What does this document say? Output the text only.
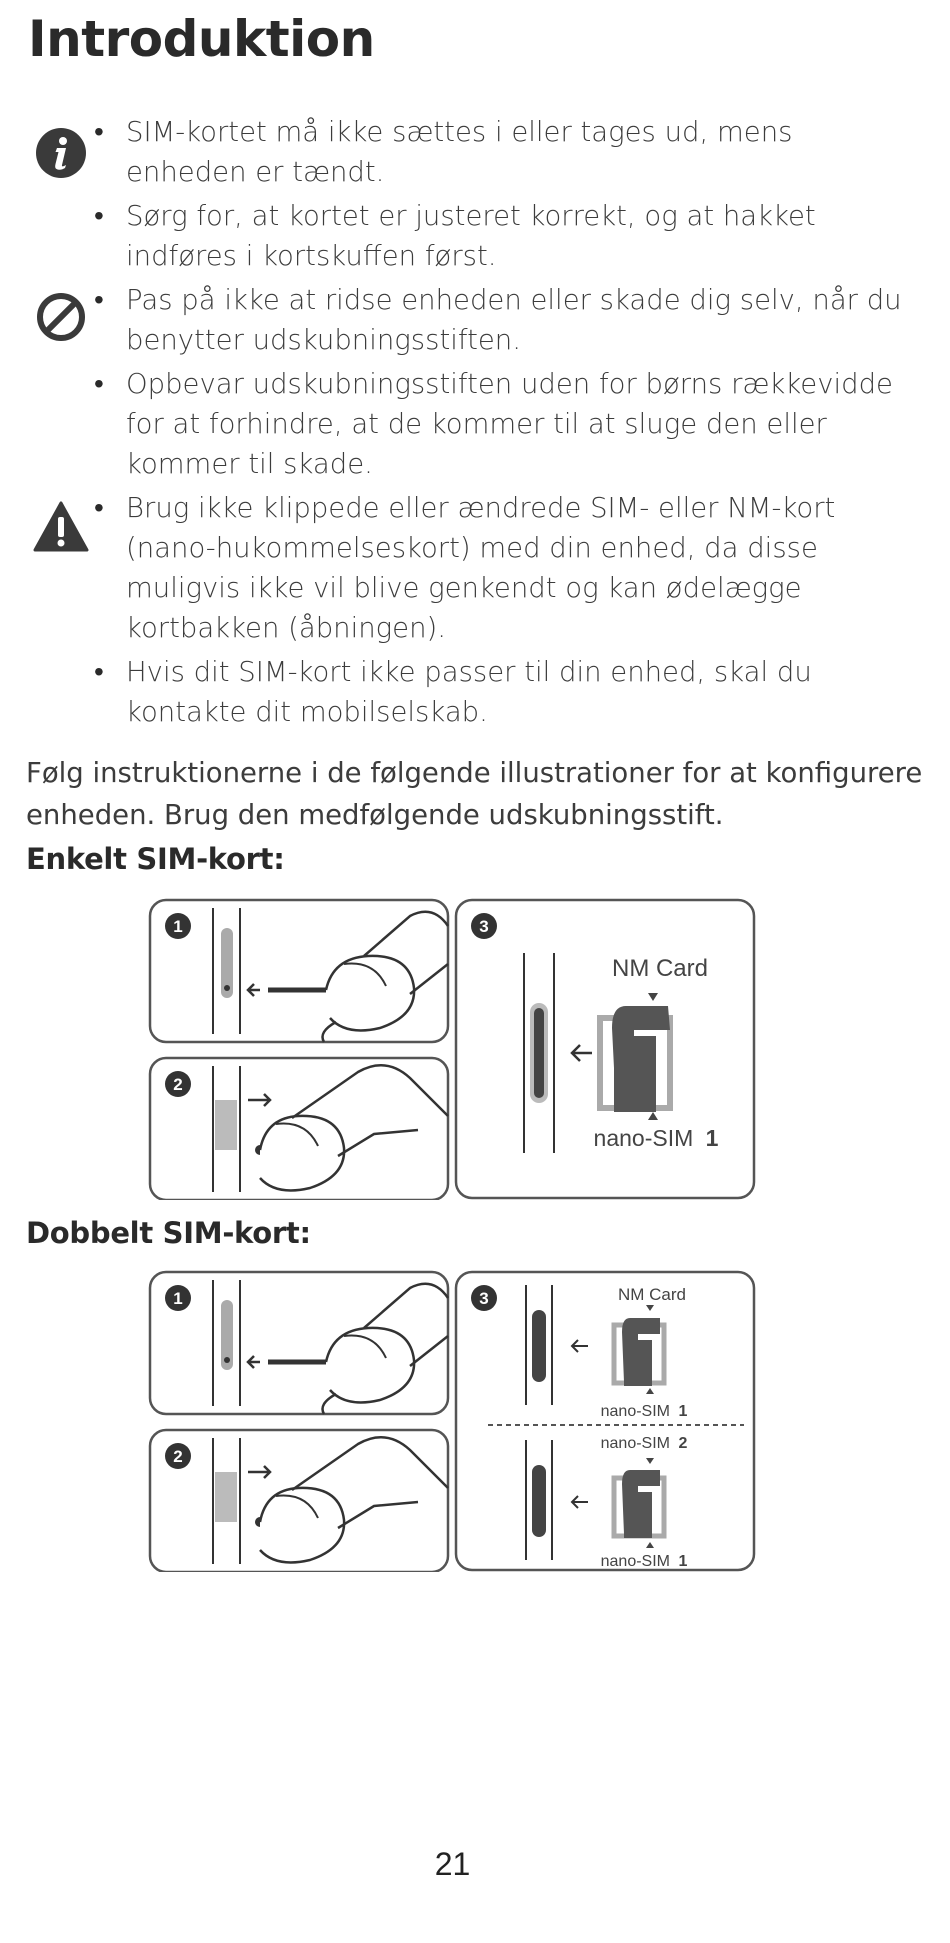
Introduktion
• SIM-kortet må ikke sættes i eller tages ud, mens enheden er tændt.
• Sørg for, at kortet er justeret korrekt, og at hakket indføres i kortskuffen først.
• Pas på ikke at ridse enheden eller skade dig selv, når du benytter udskubningsstiften.
• Opbevar udskubningsstiften uden for børns rækkevidde for at forhindre, at de kommer til at sluge den eller kommer til skade.
• Brug ikke klippede eller ændrede SIM- eller NM-kort (nano-hukommelseskort) med din enhed, da disse muligvis ikke vil blive genkendt og kan ødelægge kortbakken (åbningen).
• Hvis dit SIM-kort ikke passer til din enhed, skal du kontakte dit mobilselskab.

Følg instruktionerne i de følgende illustrationer for at konfigurere enheden. Brug den medfølgende udskubningsstift.

Enkelt SIM-kort:
1
2
3
NM Card
nano-SIM 1
Dobbelt SIM-kort:
1
2
3	NM Card
nano-SIM 1
nano-SIM 2
nano-SIM 1
21
